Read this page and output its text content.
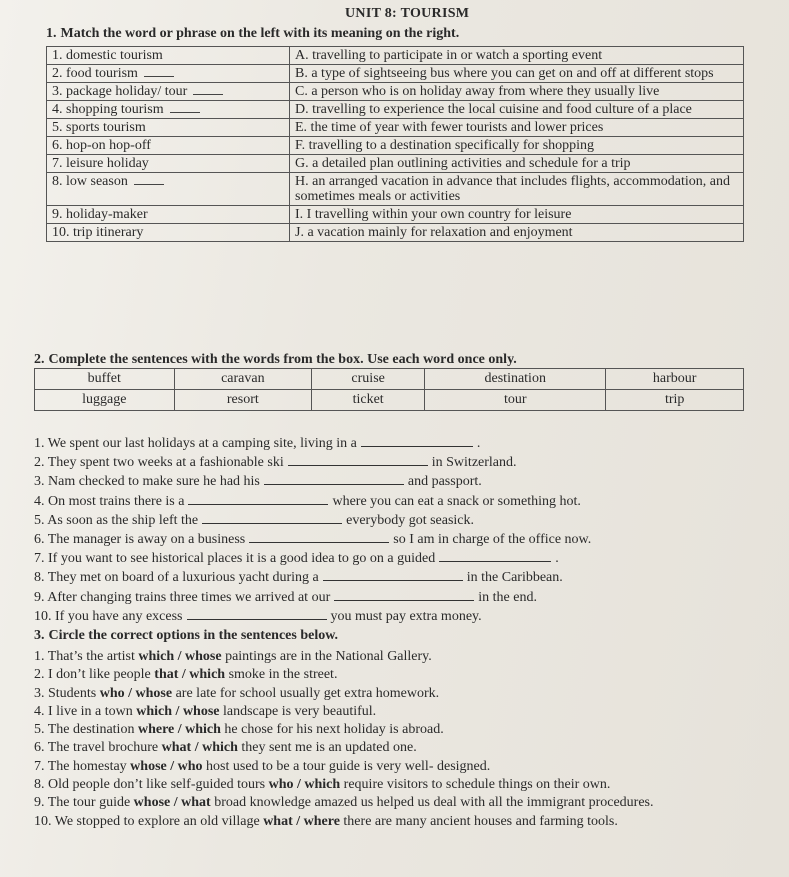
UNIT 8: TOURISM
1. Match the word or phrase on the left with its meaning on the right.
1. domestic tourism	A. travelling to participate in or watch a sporting event
2. food tourism	B. a type of sightseeing bus where you can get on and off at different stops
3. package holiday/ tour	C. a person who is on holiday away from where they usually live
4. shopping tourism	D. travelling to experience the local cuisine and food culture of a place
5. sports tourism	E. the time of year with fewer tourists and lower prices
6. hop-on hop-off	F. travelling to a destination specifically for shopping
7. leisure holiday	G. a detailed plan outlining activities and schedule for a trip
8. low season	H. an arranged vacation in advance that includes flights, accommodation, and sometimes meals or activities
9. holiday-maker	I. I travelling within your own country for leisure
10. trip itinerary	J. a vacation mainly for relaxation and enjoyment
2. Complete the sentences with the words from the box. Use each word once only.
buffet	caravan	cruise	destination	harbour
luggage	resort	ticket	tour	trip
1. We spent our last holidays at a camping site, living in a	.
2. They spent two weeks at a fashionable ski	in Switzerland.
3. Nam checked to make sure he had his	and passport.
4. On most trains there is a	where you can eat a snack or something hot.
5. As soon as the ship left the	everybody got seasick.
6. The manager is away on a business	so I am in charge of the office now.
7. If you want to see historical places it is a good idea to go on a guided	.
8. They met on board of a luxurious yacht during a	in the Caribbean.
9. After changing trains three times we arrived at our	in the end.
10. If you have any excess	you must pay extra money.
3. Circle the correct options in the sentences below.

1. That’s the artist which / whose paintings are in the National Gallery.

2. I don’t like people that / which smoke in the street.

3. Students who / whose are late for school usually get extra homework.

4. I live in a town which / whose landscape is very beautiful.

5. The destination where / which he chose for his next holiday is abroad.

6. The travel brochure what / which they sent me is an updated one.

7. The homestay whose / who host used to be a tour guide is very well- designed.

8. Old people don’t like self-guided tours who / which require visitors to schedule things on their own.

9. The tour guide whose / what broad knowledge amazed us helped us deal with all the immigrant procedures.

10. We stopped to explore an old village what / where there are many ancient houses and farming tools.
